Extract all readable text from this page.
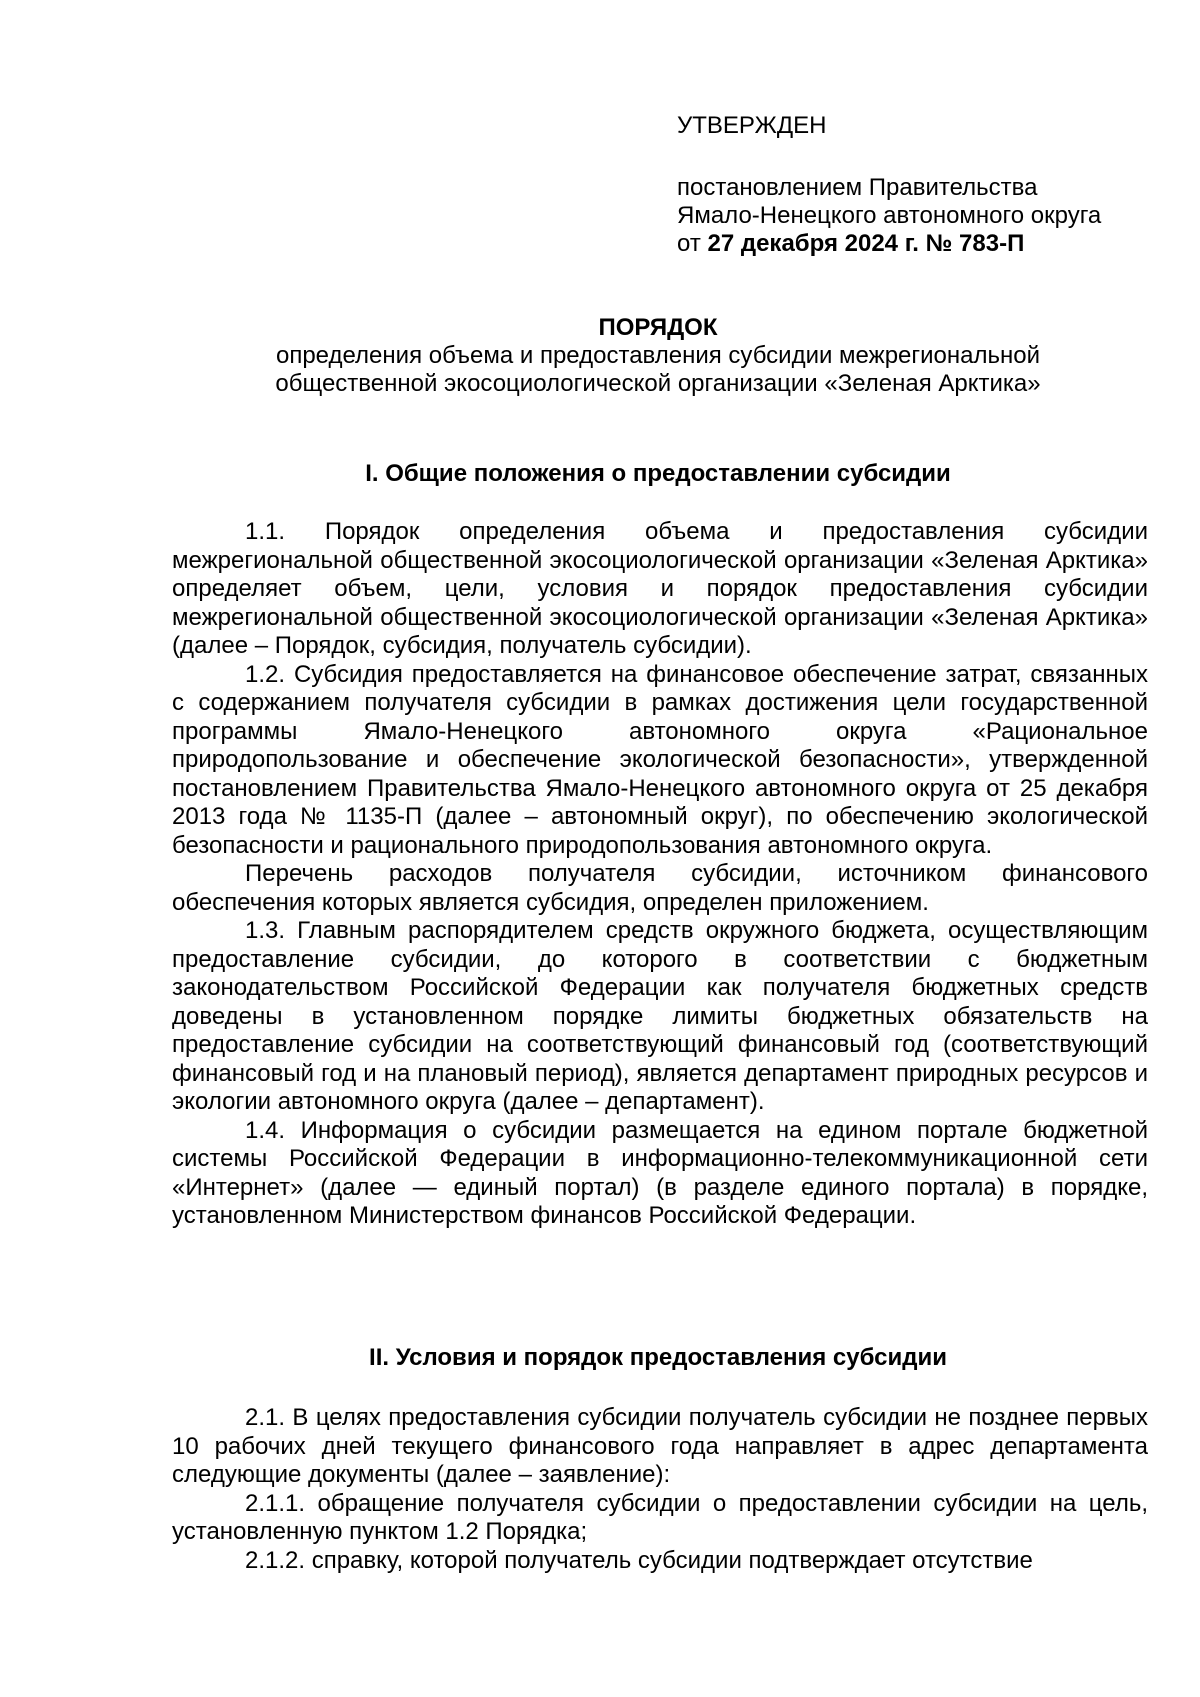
УТВЕРЖДЕН
постановлением Правительства
Ямало-Ненецкого автономного округа
от 27 декабря 2024 г. № 783-П
ПОРЯДОК
определения объема и предоставления субсидии межрегиональной
общественной экосоциологической организации «Зеленая Арктика»
I. Общие положения о предоставлении субсидии

1.1. Порядок определения объема и предоставления субсидии межрегиональной общественной экосоциологической организации «Зеленая Арктика» определяет объем, цели, условия и порядок предоставления субсидии межрегиональной общественной экосоциологической организации «Зеленая Арктика» (далее – Порядок, субсидия, получатель субсидии).

1.2. Субсидия предоставляется на финансовое обеспечение затрат, связанных с содержанием получателя субсидии в рамках достижения цели государственной программы Ямало-Ненецкого автономного округа «Рациональное природопользование и обеспечение экологической безопасности», утвержденной постановлением Правительства Ямало-Ненецкого автономного округа от 25 декабря 2013 года № 1135-П (далее – автономный округ), по обеспечению экологической безопасности и рационального природопользования автономного округа.

Перечень расходов получателя субсидии, источником финансового обеспечения которых является субсидия, определен приложением.

1.3. Главным распорядителем средств окружного бюджета, осуществляющим предоставление субсидии, до которого в соответствии с бюджетным законодательством Российской Федерации как получателя бюджетных средств доведены в установленном порядке лимиты бюджетных обязательств на предоставление субсидии на соответствующий финансовый год (соответствующий финансовый год и на плановый период), является департамент природных ресурсов и экологии автономного округа (далее – департамент).

1.4. Информация о субсидии размещается на едином портале бюджетной системы Российской Федерации в информационно-телекоммуникационной сети «Интернет» (далее — единый портал) (в разделе единого портала) в порядке, установленном Министерством финансов Российской Федерации.

II. Условия и порядок предоставления субсидии

2.1. В целях предоставления субсидии получатель субсидии не позднее первых 10 рабочих дней текущего финансового года направляет в адрес департамента следующие документы (далее – заявление):

2.1.1. обращение получателя субсидии о предоставлении субсидии на цель, установленную пунктом 1.2 Порядка;

2.1.2. справку, которой получатель субсидии подтверждает отсутствие
